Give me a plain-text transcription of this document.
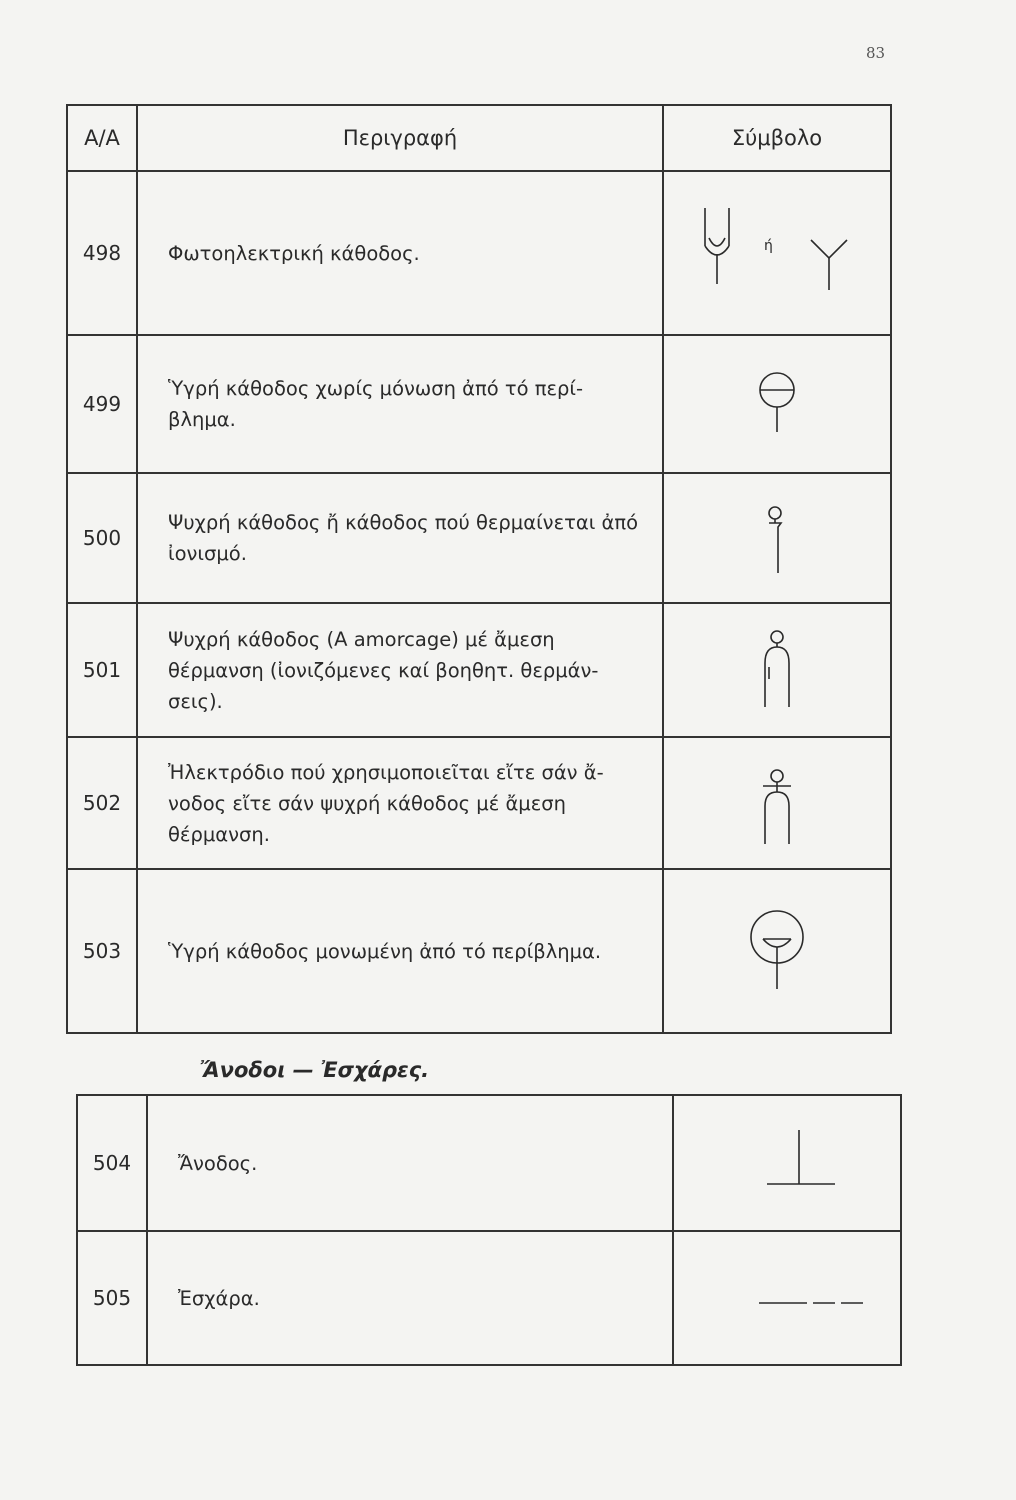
83
A/A	Περιγραφή	Σύμβολο
498	Φωτοηλεκτρική κάθοδος.	ή

499	Ὑγρή κάθοδος χωρίς μόνωση ἀπό τό περί-βλημα.	

500	Ψυχρή κάθοδος ἤ κάθοδος πού θερμαίνεται ἀπό ἰονισμό.	

501	Ψυχρή κάθοδος (Α amorcage) μέ ἄμεση θέρμανση (ἰονιζόμενες καί βοηθητ. θερμάν-σεις).	

502	Ἠλεκτρόδιο πού χρησιμοποιεῖται εἴτε σάν ἄ-νοδος εἴτε σάν ψυχρή κάθοδος μέ ἄμεση θέρμανση.	

503	Ὑγρή κάθοδος μονωμένη ἀπό τό περίβλημα.	
Ἄνοδοι — Ἐσχάρες.
504	Ἄνοδος.	

505	Ἐσχάρα.	
